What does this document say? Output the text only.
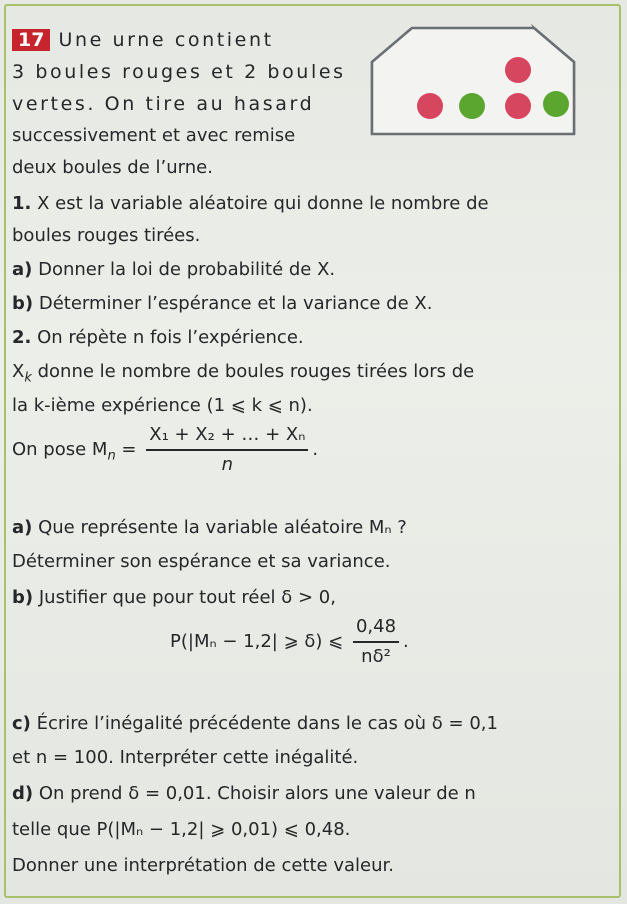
17 Une urne contient
3 boules rouges et 2 boules
vertes. On tire au hasard
successivement et avec remise
deux boules de l’urne.
1. X est la variable aléatoire qui donne le nombre de
boules rouges tirées.
a) Donner la loi de probabilité de X.
b) Déterminer l’espérance et la variance de X.
2. On répète n fois l’expérience.
$X_k$ donne le nombre de boules rouges tirées lors de
la k-ième expérience (1 ⩽ k ⩽ n).
On pose $M_n = \frac{\text{X₁ + X₂ + … + Xₙ}}{n}$ .
a) Que représente la variable aléatoire Mₙ ?
Déterminer son espérance et sa variance.
b) Justifier que pour tout réel δ > 0,
P(|Mₙ − 1,2| ⩾ δ) ⩽ $\frac{0,48}{\text{nδ²}}$ .
c) Écrire l’inégalité précédente dans le cas où δ = 0,1
et n = 100. Interpréter cette inégalité.
d) On prend δ = 0,01. Choisir alors une valeur de n
telle que P(|Mₙ − 1,2| ⩾ 0,01) ⩽ 0,48.
Donner une interprétation de cette valeur.
